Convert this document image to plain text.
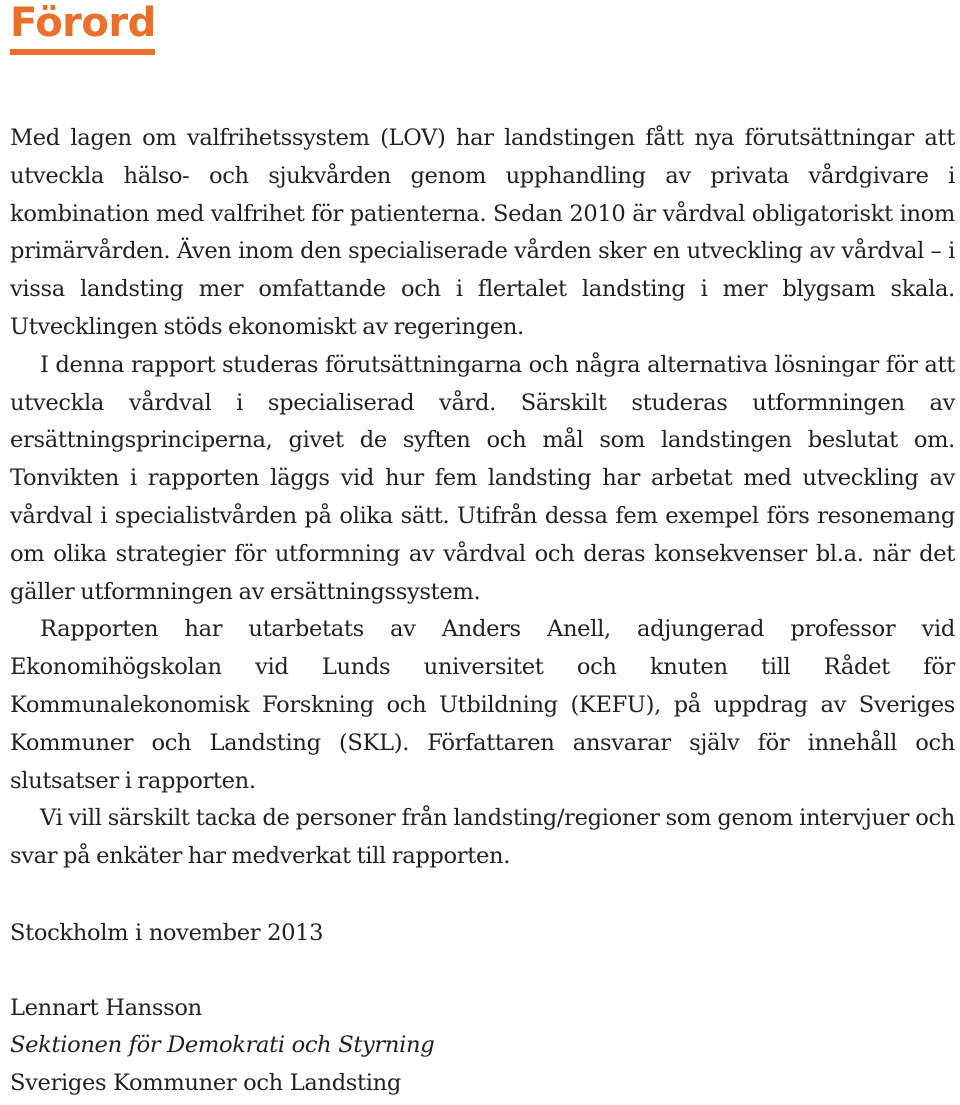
Förord

Med lagen om valfrihetssystem (LOV) har landstingen fått nya förutsättningar att utveckla hälso- och sjukvården genom upphandling av privata vårdgivare i kombination med valfrihet för patienterna. Sedan 2010 är vårdval obligatoriskt inom primärvården. Även inom den specialiserade vården sker en utveckling av vårdval – i vissa landsting mer omfattande och i flertalet landsting i mer blygsam skala. Utvecklingen stöds ekonomiskt av regeringen.

I denna rapport studeras förutsättningarna och några alternativa lösningar för att utveckla vårdval i specialiserad vård. Särskilt studeras utformningen av ersättningsprinciperna, givet de syften och mål som landstingen beslutat om. Tonvikten i rapporten läggs vid hur fem landsting har arbetat med utveckling av vårdval i specialistvården på olika sätt. Utifrån dessa fem exempel förs resonemang om olika strategier för utformning av vårdval och deras konsekvenser bl.a. när det gäller utformningen av ersättningssystem.

Rapporten har utarbetats av Anders Anell, adjungerad professor vid Ekonomihögskolan vid Lunds universitet och knuten till Rådet för Kommunalekonomisk Forskning och Utbildning (KEFU), på uppdrag av Sveriges Kommuner och Landsting (SKL). Författaren ansvarar själv för innehåll och slutsatser i rapporten.

Vi vill särskilt tacka de personer från landsting/regioner som genom intervjuer och svar på enkäter har medverkat till rapporten.

Stockholm i november 2013
Lennart Hansson
Sektionen för Demokrati och Styrning
Sveriges Kommuner och Landsting
